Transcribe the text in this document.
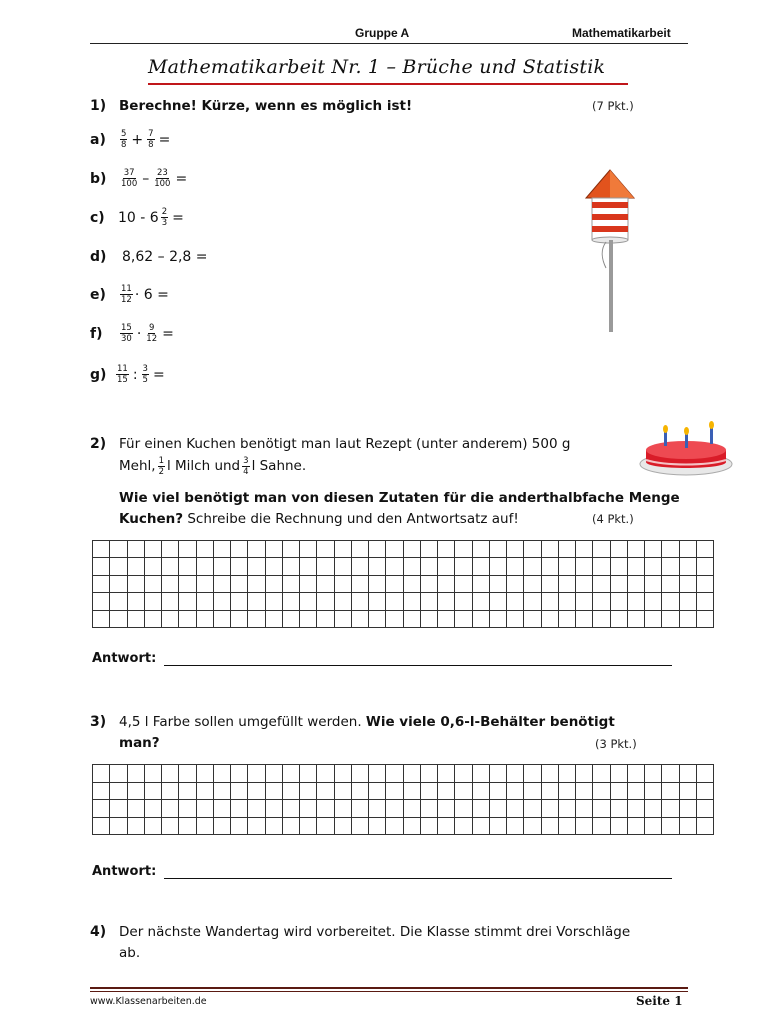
Gruppe A	Mathematikarbeit
Mathematikarbeit Nr. 1 – Brüche und Statistik
1) Berechne! Kürze, wenn es möglich ist!	(7 Pkt.)
a)	$\frac{5}{8} + \frac{7}{8}$ =
b)	$\frac{37}{100} - \frac{23}{100}$ =
c) $10 - 6 \frac{2}{3}$ =
d)	8,62 – 2,8 =
e)	$\frac{11}{12} \cdot 6$ =
f)	$\frac{15}{30} \cdot \frac{9}{12}$ =
g)	$\frac{11}{15}$ : $\frac{3}{5}$ =
2) Für einen Kuchen benötigt man laut Rezept (unter anderem) 500 g
Mehl, $\frac{1}{2}$ l Milch und $\frac{3}{4}$ l Sahne.
Wie viel benötigt man von diesen Zutaten für die anderthalbfache Menge
Kuchen? Schreibe die Rechnung und den Antwortsatz auf!	(4 Pkt.)
Antwort:
3) 4,5 l Farbe sollen umgefüllt werden. Wie viele 0,6-l-Behälter benötigt
man?	(3 Pkt.)
Antwort:
4) Der nächste Wandertag wird vorbereitet. Die Klasse stimmt drei Vorschläge
ab.
www.Klassenarbeiten.de	Seite 1
